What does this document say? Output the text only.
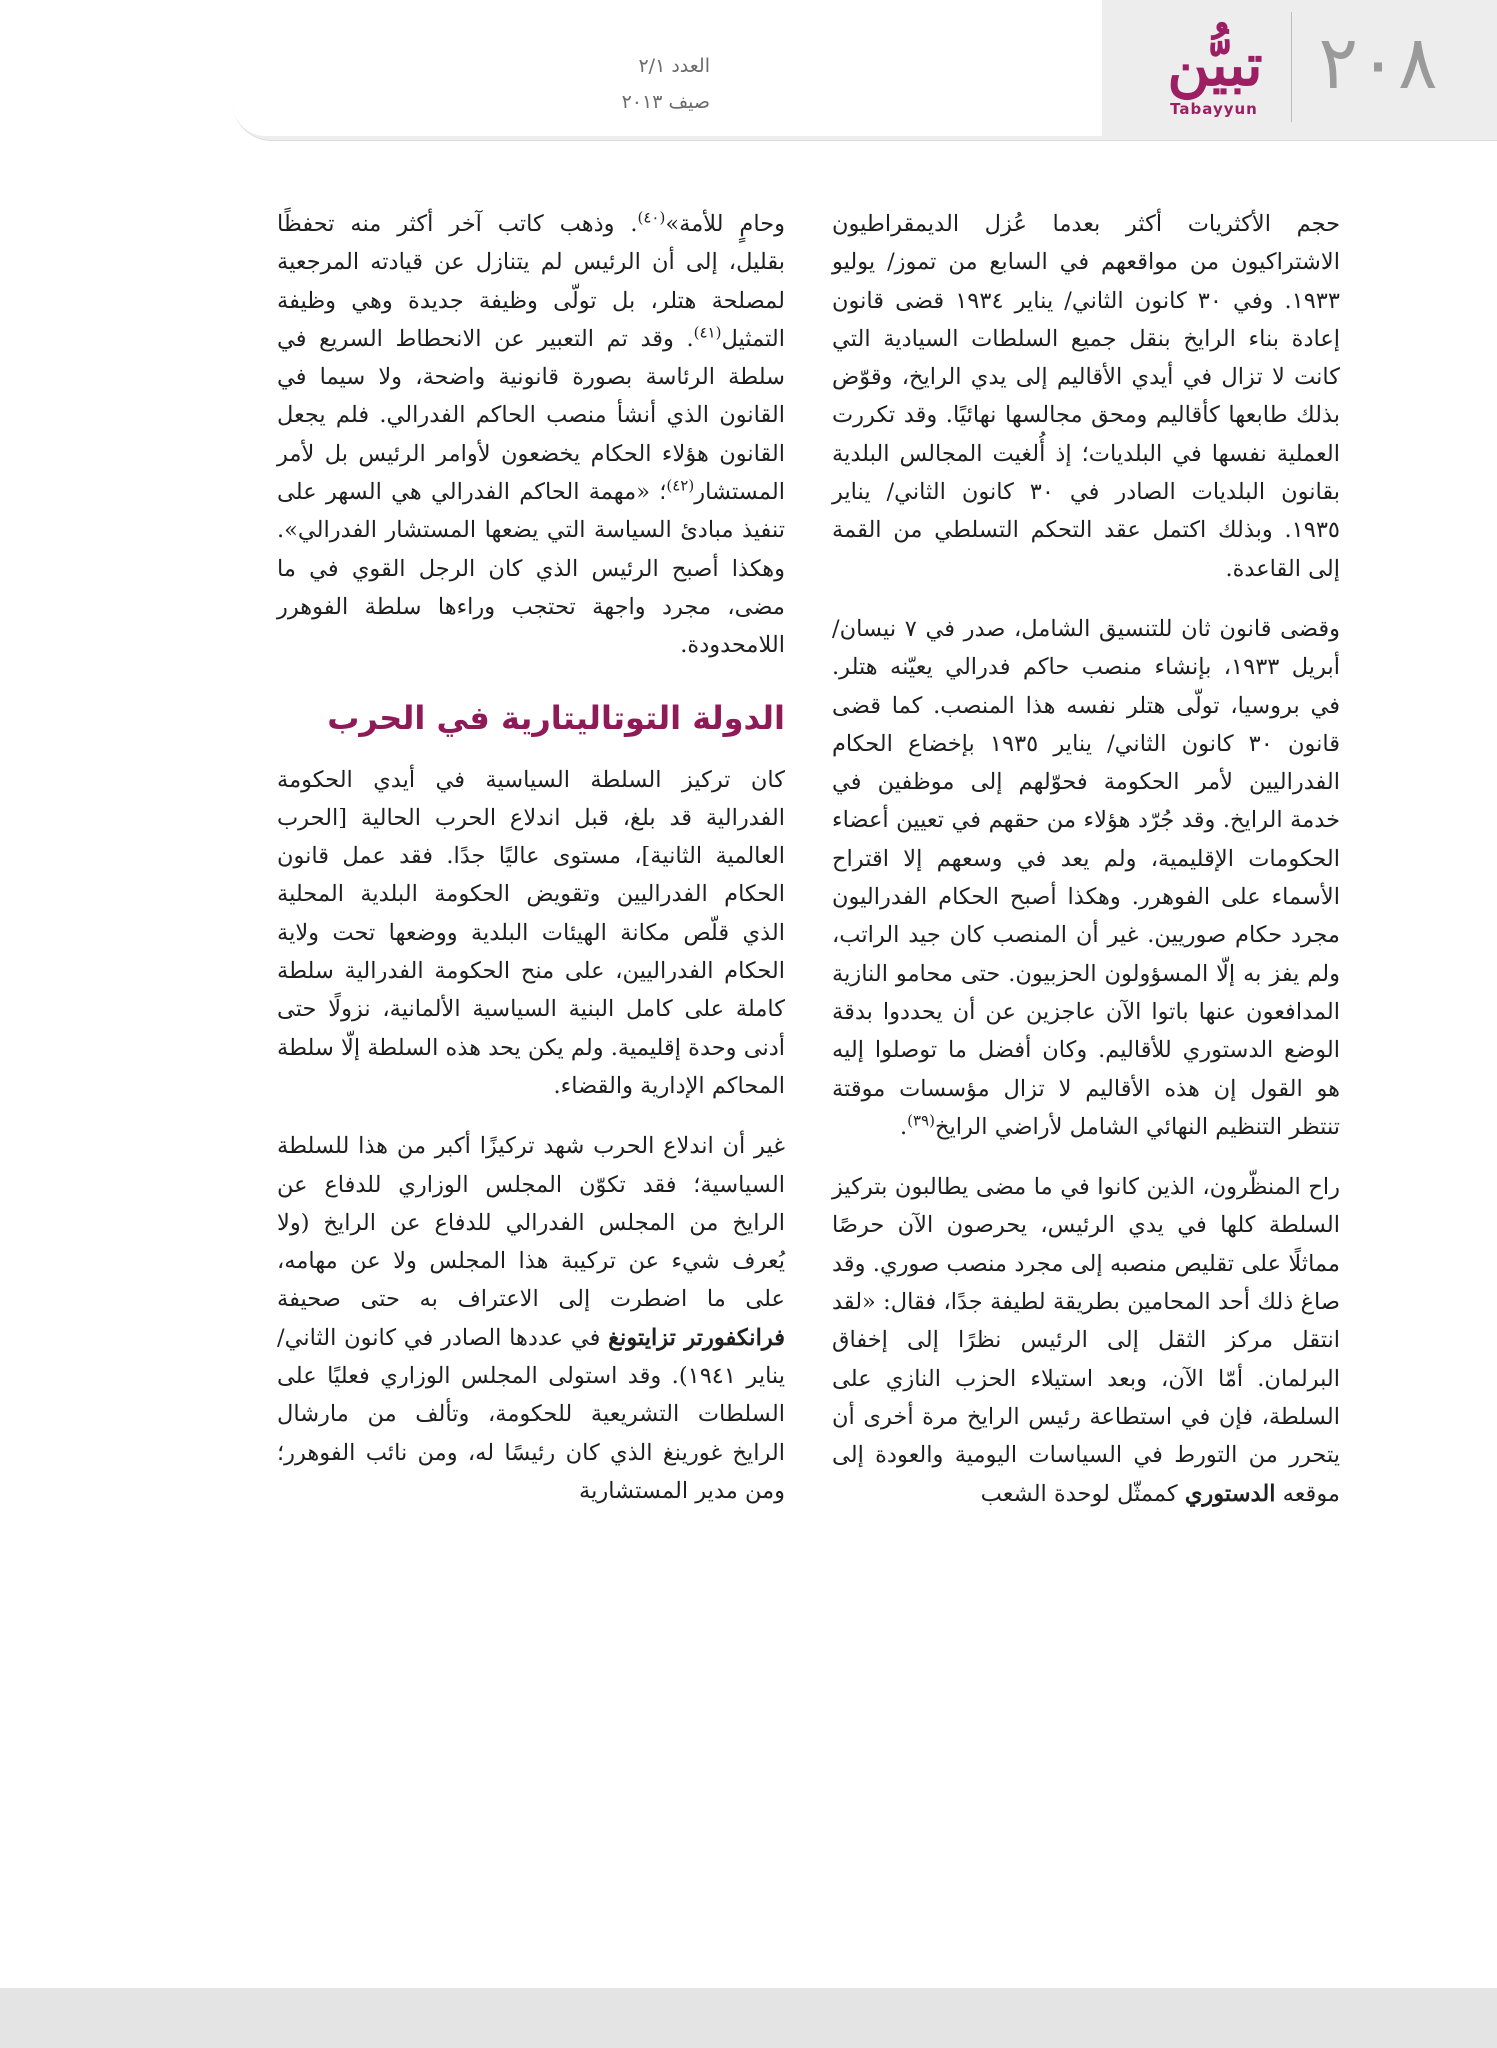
العدد ٢/١
صيف ٢٠١٣	٢٠٨
تبيُّن
Tabayyun

حجم الأكثريات أكثر بعدما عُزل الديمقراطيون الاشتراكيون من مواقعهم في السابع من تموز/ يوليو ١٩٣٣. وفي ٣٠ كانون الثاني/ يناير ١٩٣٤ قضى قانون إعادة بناء الرايخ بنقل جميع السلطات السيادية التي كانت لا تزال في أيدي الأقاليم إلى يدي الرايخ، وقوّض بذلك طابعها كأقاليم ومحق مجالسها نهائيًا. وقد تكررت العملية نفسها في البلديات؛ إذ أُلغيت المجالس البلدية بقانون البلديات الصادر في ٣٠ كانون الثاني/ يناير ١٩٣٥. وبذلك اكتمل عقد التحكم التسلطي من القمة إلى القاعدة.

وقضى قانون ثان للتنسيق الشامل، صدر في ٧ نيسان/ أبريل ١٩٣٣، بإنشاء منصب حاكم فدرالي يعيّنه هتلر. في بروسيا، تولّى هتلر نفسه هذا المنصب. كما قضى قانون ٣٠ كانون الثاني/ يناير ١٩٣٥ بإخضاع الحكام الفدراليين لأمر الحكومة فحوّلهم إلى موظفين في خدمة الرايخ. وقد جُرّد هؤلاء من حقهم في تعيين أعضاء الحكومات الإقليمية، ولم يعد في وسعهم إلا اقتراح الأسماء على الفوهرر. وهكذا أصبح الحكام الفدراليون مجرد حكام صوريين. غير أن المنصب كان جيد الراتب، ولم يفز به إلّا المسؤولون الحزبيون. حتى محامو النازية المدافعون عنها باتوا الآن عاجزين عن أن يحددوا بدقة الوضع الدستوري للأقاليم. وكان أفضل ما توصلوا إليه هو القول إن هذه الأقاليم لا تزال مؤسسات موقتة تنتظر التنظيم النهائي الشامل لأراضي الرايخ$^{(٣٩)}$.

راح المنظّرون، الذين كانوا في ما مضى يطالبون بتركيز السلطة كلها في يدي الرئيس، يحرصون الآن حرصًا مماثلًا على تقليص منصبه إلى مجرد منصب صوري. وقد صاغ ذلك أحد المحامين بطريقة لطيفة جدًا، فقال: «لقد انتقل مركز الثقل إلى الرئيس نظرًا إلى إخفاق البرلمان. أمّا الآن، وبعد استيلاء الحزب النازي على السلطة، فإن في استطاعة رئيس الرايخ مرة أخرى أن يتحرر من التورط في السياسات اليومية والعودة إلى موقعه الدستوري كممثّل لوحدة الشعب

وحامٍ للأمة»$^{(٤٠)}$. وذهب كاتب آخر أكثر منه تحفظًا بقليل، إلى أن الرئيس لم يتنازل عن قيادته المرجعية لمصلحة هتلر، بل تولّى وظيفة جديدة وهي وظيفة التمثيل$^{(٤١)}$. وقد تم التعبير عن الانحطاط السريع في سلطة الرئاسة بصورة قانونية واضحة، ولا سيما في القانون الذي أنشأ منصب الحاكم الفدرالي. فلم يجعل القانون هؤلاء الحكام يخضعون لأوامر الرئيس بل لأمر المستشار$^{(٤٢)}$؛ «مهمة الحاكم الفدرالي هي السهر على تنفيذ مبادئ السياسة التي يضعها المستشار الفدرالي». وهكذا أصبح الرئيس الذي كان الرجل القوي في ما مضى، مجرد واجهة تحتجب وراءها سلطة الفوهرر اللامحدودة.

الدولة التوتاليتارية في الحرب

كان تركيز السلطة السياسية في أيدي الحكومة الفدرالية قد بلغ، قبل اندلاع الحرب الحالية [الحرب العالمية الثانية]، مستوى عاليًا جدًا. فقد عمل قانون الحكام الفدراليين وتقويض الحكومة البلدية المحلية الذي قلّص مكانة الهيئات البلدية ووضعها تحت ولاية الحكام الفدراليين، على منح الحكومة الفدرالية سلطة كاملة على كامل البنية السياسية الألمانية، نزولًا حتى أدنى وحدة إقليمية. ولم يكن يحد هذه السلطة إلّا سلطة المحاكم الإدارية والقضاء.

غير أن اندلاع الحرب شهد تركيزًا أكبر من هذا للسلطة السياسية؛ فقد تكوّن المجلس الوزاري للدفاع عن الرايخ من المجلس الفدرالي للدفاع عن الرايخ (ولا يُعرف شيء عن تركيبة هذا المجلس ولا عن مهامه، على ما اضطرت إلى الاعتراف به حتى صحيفة فرانكفورتر تزايتونغ في عددها الصادر في كانون الثاني/ يناير ١٩٤١). وقد استولى المجلس الوزاري فعليًا على السلطات التشريعية للحكومة، وتألف من مارشال الرايخ غورينغ الذي كان رئيسًا له، ومن نائب الفوهرر؛ ومن مدير المستشارية
